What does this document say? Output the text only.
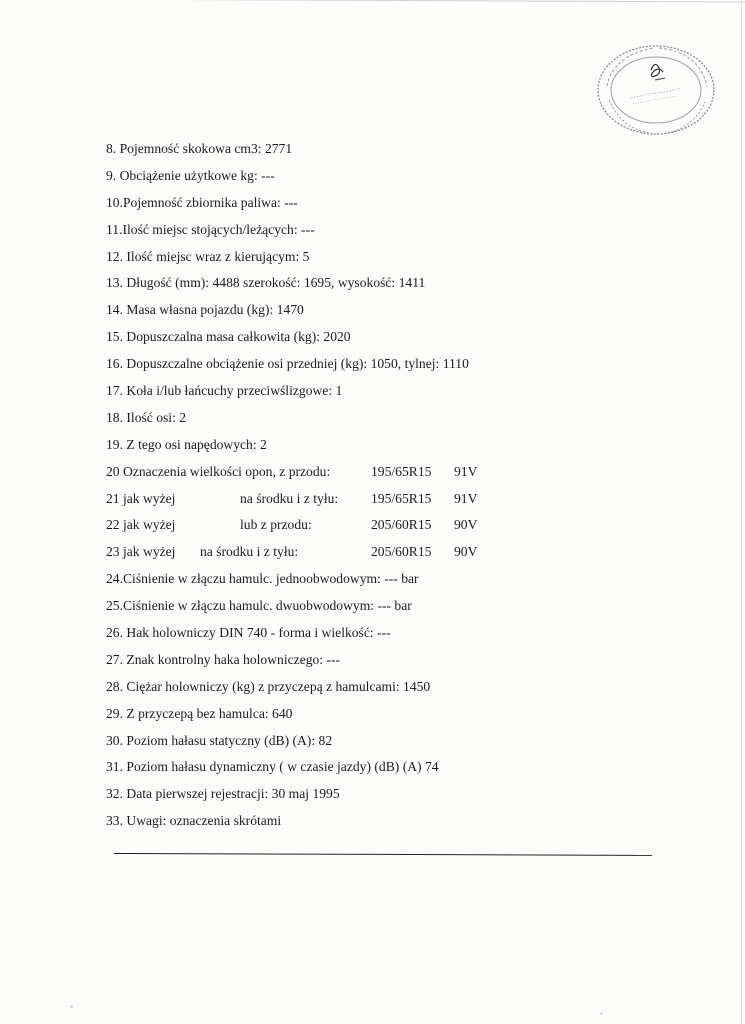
8. Pojemność skokowa cm3: 2771
9. Obciążenie użytkowe kg: ---
10.Pojemność zbiornika paliwa: ---
11.Ilość miejsc stojących/leżących: ---
12. Ilość miejsc wraz z kierującym: 5
13. Długość (mm): 4488 szerokość: 1695, wysokość: 1411
14. Masa własna pojazdu (kg): 1470
15. Dopuszczalna masa całkowita (kg): 2020
16. Dopuszczalne obciążenie osi przedniej (kg): 1050, tylnej: 1110
17. Koła i/lub łańcuchy przeciwślizgowe: 1
18. Ilość osi: 2
19. Z tego osi napędowych: 2
20 Oznaczenia wielkości opon, z przodu:	195/65R15 91V
21 jak wyżej	na środku i z tyłu: 195/65R15 91V
22 jak wyżej	lub z przodu:	205/60R15 90V
23 jak wyżej na środku i z tyłu:	205/60R15 90V
24.Ciśnienie w złączu hamulc. jednoobwodowym: --- bar
25.Ciśnienie w złączu hamulc. dwuobwodowym: --- bar
26. Hak holowniczy DIN 740 - forma i wielkość: ---
27. Znak kontrolny haka holowniczego: ---
28. Ciężar holowniczy (kg) z przyczepą z hamulcami: 1450
29. Z przyczepą bez hamulca: 640
30. Poziom hałasu statyczny (dB) (A): 82
31. Poziom hałasu dynamiczny ( w czasie jazdy) (dB) (A) 74
32. Data pierwszej rejestracji: 30 maj 1995
33. Uwagi: oznaczenia skrótami
